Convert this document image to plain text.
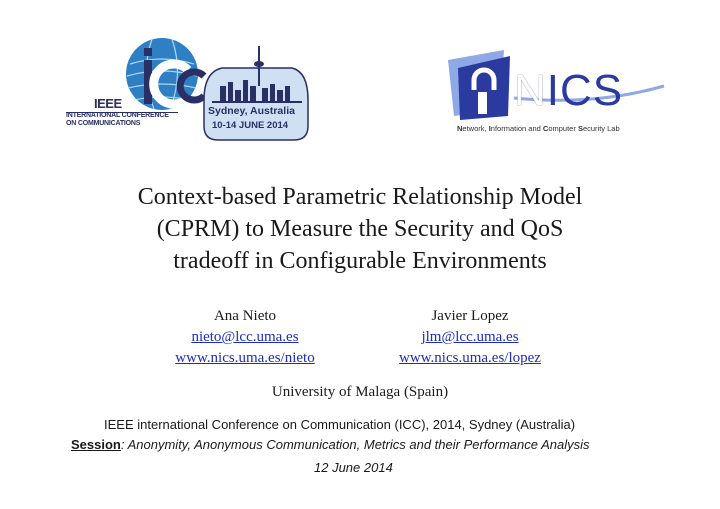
IEEE
INTERNATIONAL CONFERENCE
ON COMMUNICATIONS
Sydney, Australia
10-14 JUNE 2014
NICS
Network, Information and Computer Security Lab
Context-based Parametric Relationship Model
(CPRM) to Measure the Security and QoS
tradeoff in Configurable Environments
Ana Nieto
nieto@lcc.uma.es
www.nics.uma.es/nieto
Javier Lopez
jlm@lcc.uma.es
www.nics.uma.es/lopez
University of Malaga (Spain)
IEEE international Conference on Communication (ICC), 2014, Sydney (Australia)
Session: Anonymity, Anonymous Communication, Metrics and their Performance Analysis
12 June 2014
